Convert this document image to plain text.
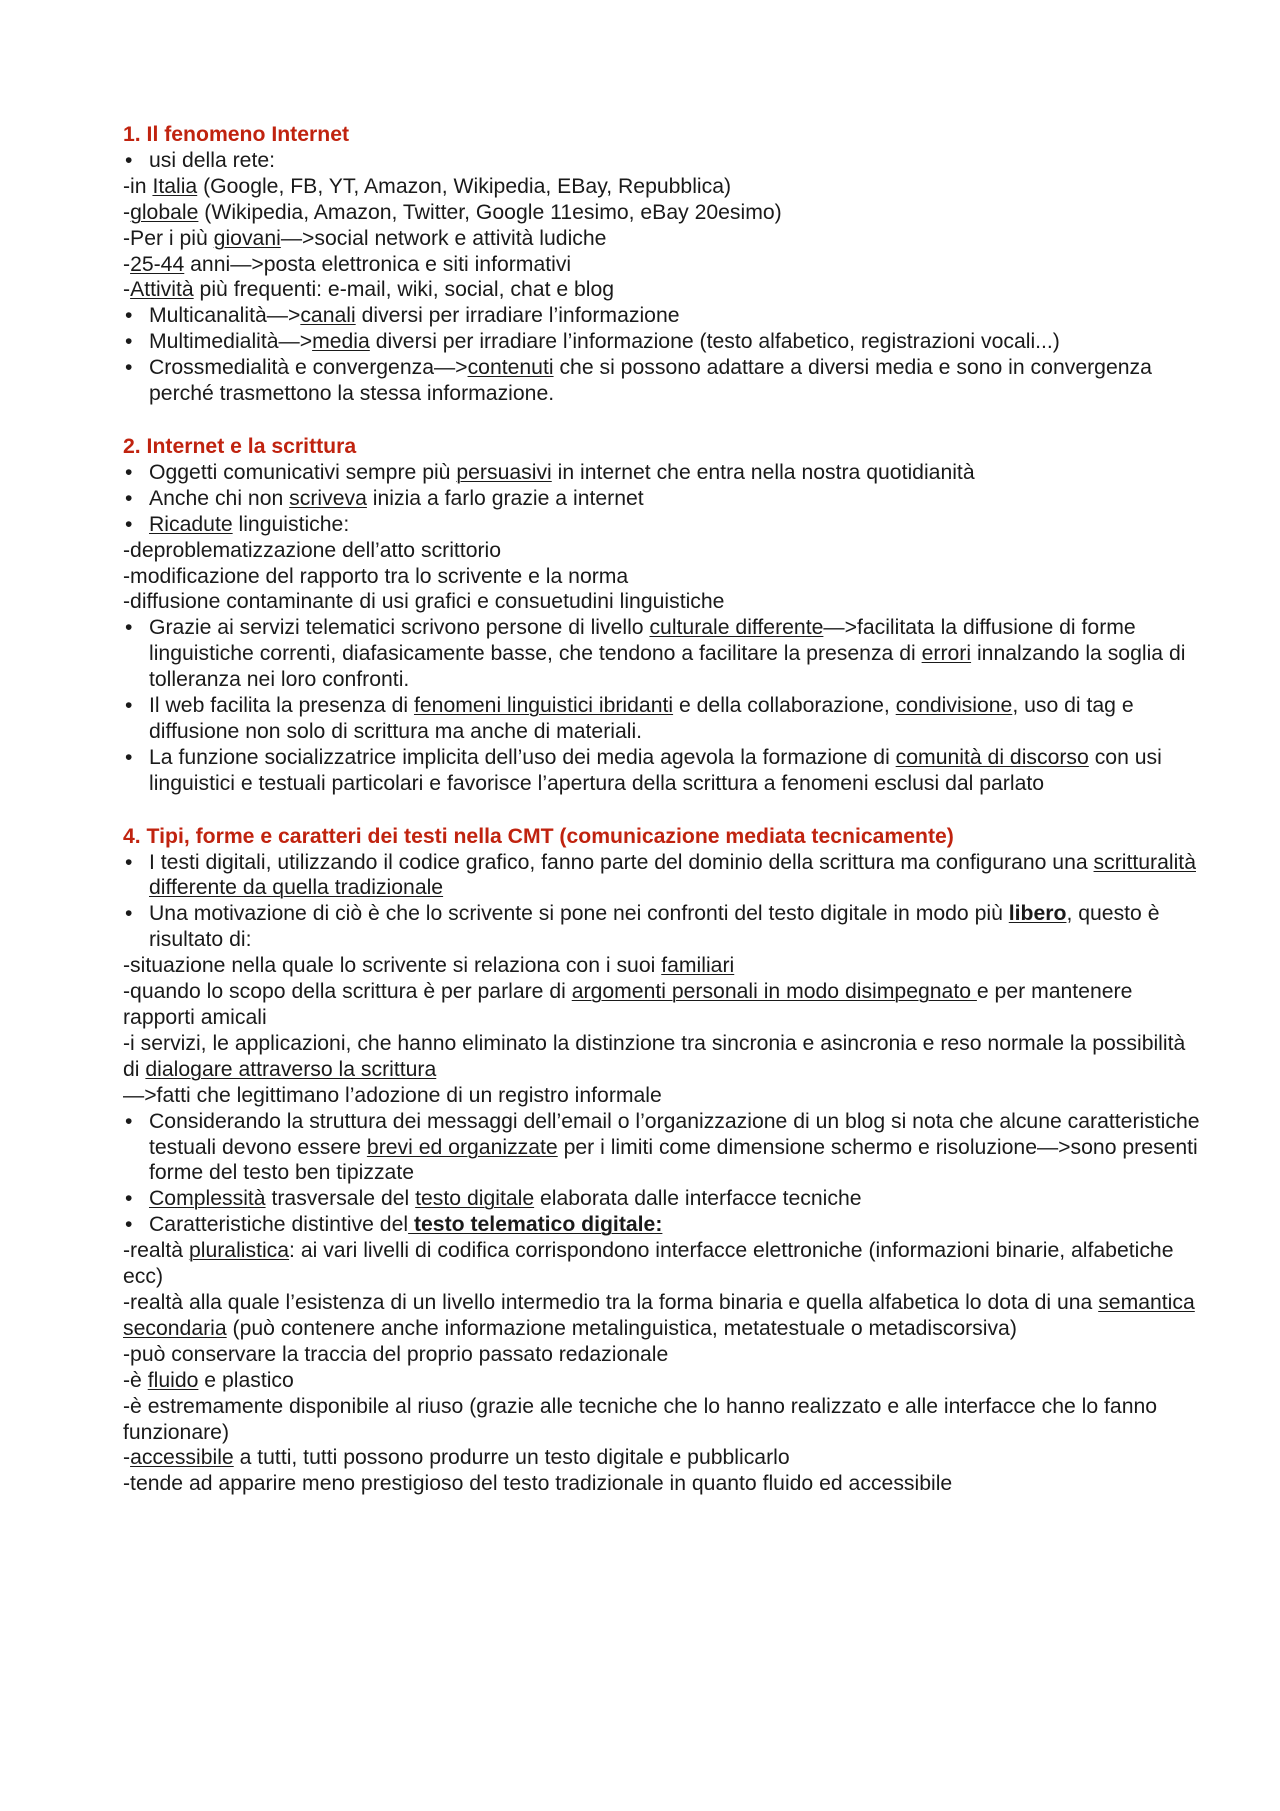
1. Il fenomeno Internet

• usi della rete:

-in Italia (Google, FB, YT, Amazon, Wikipedia, EBay, Repubblica)

-globale (Wikipedia, Amazon, Twitter, Google 11esimo, eBay 20esimo)

-Per i più giovani—>social network e attività ludiche

-25-44 anni—>posta elettronica e siti informativi

-Attività più frequenti: e-mail, wiki, social, chat e blog

• Multicanalità—>canali diversi per irradiare l’informazione

• Multimedialità—>media diversi per irradiare l’informazione (testo alfabetico, registrazioni vocali...)

• Crossmedialità e convergenza—>contenuti che si possono adattare a diversi media e sono in convergenza perché trasmettono la stessa informazione.

2. Internet e la scrittura

• Oggetti comunicativi sempre più persuasivi in internet che entra nella nostra quotidianità

• Anche chi non scriveva inizia a farlo grazie a internet

• Ricadute linguistiche:

-deproblematizzazione dell’atto scrittorio

-modificazione del rapporto tra lo scrivente e la norma

-diffusione contaminante di usi grafici e consuetudini linguistiche

• Grazie ai servizi telematici scrivono persone di livello culturale differente—>facilitata la diffusione di forme linguistiche correnti, diafasicamente basse, che tendono a facilitare la presenza di errori innalzando la soglia di tolleranza nei loro confronti.

• Il web facilita la presenza di fenomeni linguistici ibridanti e della collaborazione, condivisione, uso di tag e diffusione non solo di scrittura ma anche di materiali.

• La funzione socializzatrice implicita dell’uso dei media agevola la formazione di comunità di discorso con usi linguistici e testuali particolari e favorisce l’apertura della scrittura a fenomeni esclusi dal parlato

4. Tipi, forme e caratteri dei testi nella CMT (comunicazione mediata tecnicamente)

• I testi digitali, utilizzando il codice grafico, fanno parte del dominio della scrittura ma configurano una scritturalità differente da quella tradizionale

• Una motivazione di ciò è che lo scrivente si pone nei confronti del testo digitale in modo più libero, questo è risultato di:

-situazione nella quale lo scrivente si relaziona con i suoi familiari

-quando lo scopo della scrittura è per parlare di argomenti personali in modo disimpegnato e per mantenere rapporti amicali

-i servizi, le applicazioni, che hanno eliminato la distinzione tra sincronia e asincronia e reso normale la possibilità di dialogare attraverso la scrittura

—>fatti che legittimano l’adozione di un registro informale

• Considerando la struttura dei messaggi dell’email o l’organizzazione di un blog si nota che alcune caratteristiche testuali devono essere brevi ed organizzate per i limiti come dimensione schermo e risoluzione—>sono presenti forme del testo ben tipizzate

• Complessità trasversale del testo digitale elaborata dalle interfacce tecniche

• Caratteristiche distintive del testo telematico digitale:

-realtà pluralistica: ai vari livelli di codifica corrispondono interfacce elettroniche (informazioni binarie, alfabetiche ecc)

-realtà alla quale l’esistenza di un livello intermedio tra la forma binaria e quella alfabetica lo dota di una semantica secondaria (può contenere anche informazione metalinguistica, metatestuale o metadiscorsiva)

-può conservare la traccia del proprio passato redazionale

-è fluido e plastico

-è estremamente disponibile al riuso (grazie alle tecniche che lo hanno realizzato e alle interfacce che lo fanno funzionare)

-accessibile a tutti, tutti possono produrre un testo digitale e pubblicarlo

-tende ad apparire meno prestigioso del testo tradizionale in quanto fluido ed accessibile
